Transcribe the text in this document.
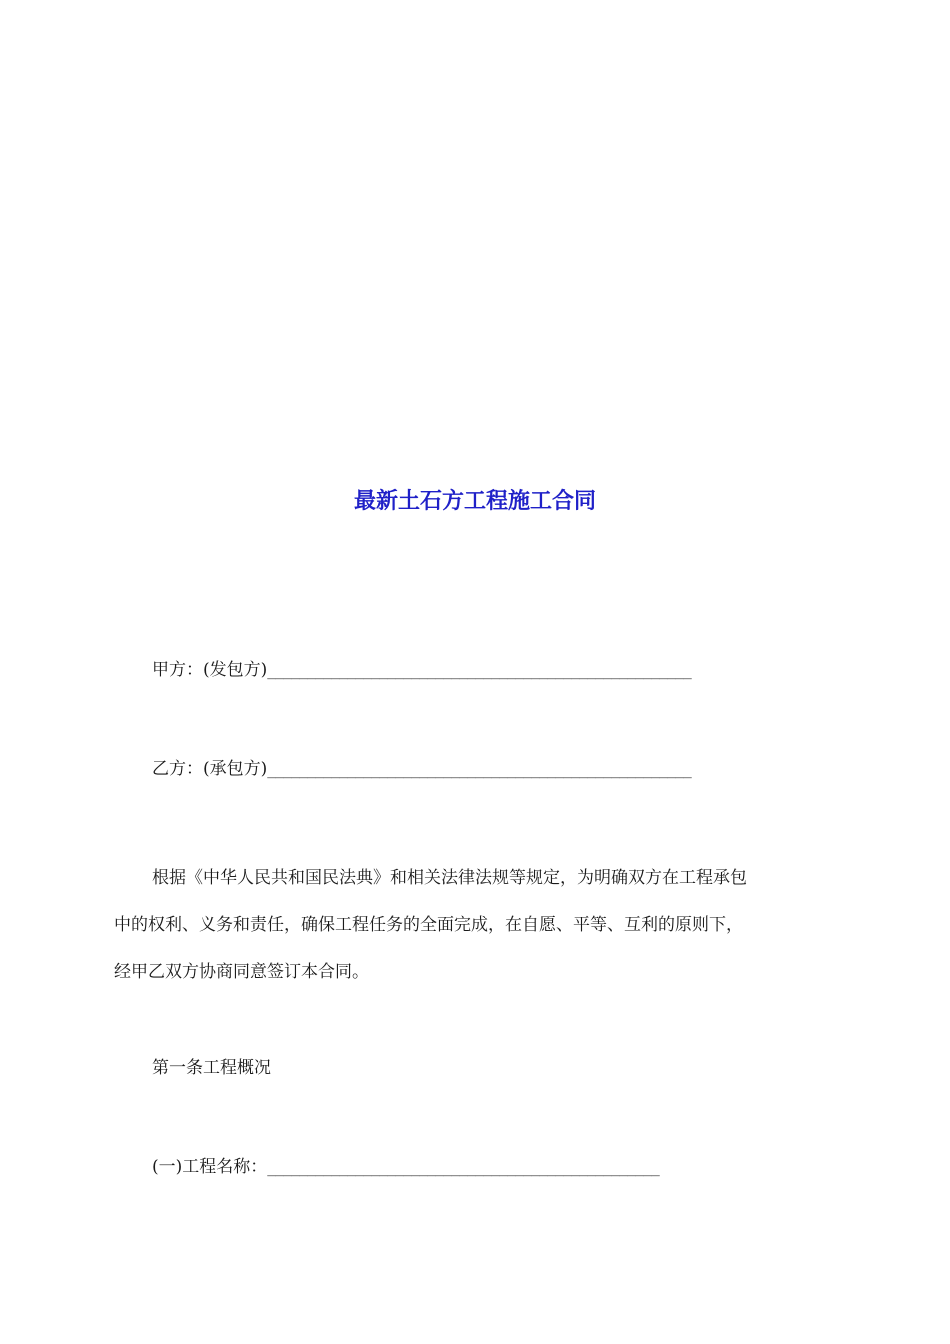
最新土石方工程施工合同
甲方：(发包方)_____________________________________________________
乙方：(承包方)_____________________________________________________
根据《中华人民共和国民法典》和相关法律法规等规定，为明确双方在工程承包
中的权利、义务和责任，确保工程任务的全面完成，在自愿、平等、互利的原则下，
经甲乙双方协商同意签订本合同。
第一条工程概况
(一)工程名称：_________________________________________________
